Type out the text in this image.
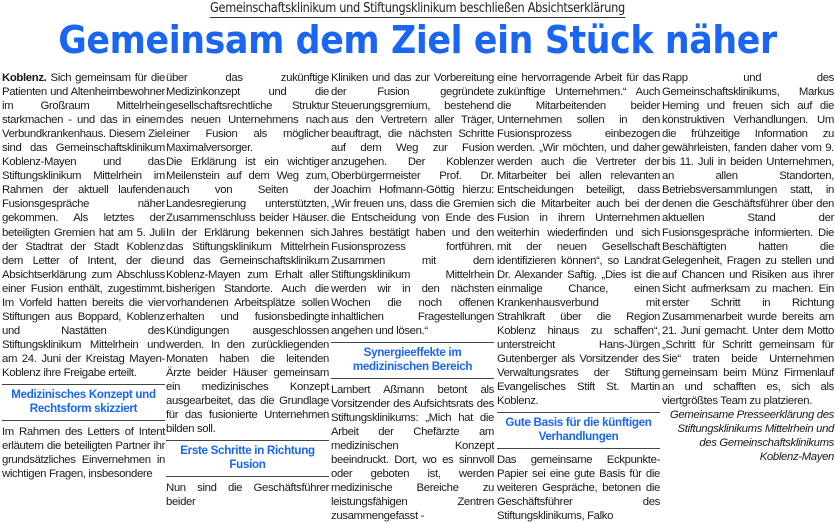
Gemeinschaftsklinikum und Stiftungsklinikum beschließen Absichtserklärung
Gemeinsam dem Ziel ein Stück näher

Koblenz. Sich gemeinsam für die Patienten und Altenheimbewohner im Großraum Mittelrhein starkmachen - und das in einem Verbundkrankenhaus. Diesem Ziel sind das Gemeinschaftsklinikum Koblenz-Mayen und das Stiftungsklinikum Mittelrhein im Rahmen der aktuell laufenden Fusionsgespräche näher gekommen. Als letztes der beteiligten Gremien hat am 5. Juli der Stadtrat der Stadt Koblenz dem Letter of Intent, der die Absichtserklärung zum Abschluss einer Fusion enthält, zugestimmt. Im Vorfeld hatten bereits die vier Stiftungen aus Boppard, Koblenz und Nastätten des Stiftungsklinikum Mittelrhein und am 24. Juni der Kreistag Mayen-Koblenz ihre Freigabe erteilt.

Medizinisches Konzept und Rechtsform skizziert

Im Rahmen des Letters of Intent erläutern die beteiligten Partner ihr grundsätzliches Einvernehmen in wichtigen Fragen, insbesondere

über das zukünftige Medizinkonzept und die gesellschaftsrechtliche Struktur des neuen Unternehmens nach einer Fusion als möglicher Maximalversorger.

Die Erklärung ist ein wichtiger Meilenstein auf dem Weg zum, auch von Seiten der Landesregierung unterstützten, Zusammenschluss beider Häuser. In der Erklärung bekennen sich das Stiftungsklinikum Mittelrhein und das Gemeinschaftsklinikum Koblenz-Mayen zum Erhalt aller bisherigen Standorte. Auch die vorhandenen Arbeitsplätze sollen erhalten und fusionsbedingte Kündigungen ausgeschlossen werden. In den zurückliegenden Monaten haben die leitenden Ärzte beider Häuser gemeinsam ein medizinisches Konzept ausgearbeitet, das die Grundlage für das fusionierte Unternehmen bilden soll.

Erste Schritte in Richtung Fusion

Nun sind die Geschäftsführer beider

Kliniken und das zur Vorbereitung der Fusion gegründete Steuerungsgremium, bestehend aus den Vertretern aller Träger, beauftragt, die nächsten Schritte auf dem Weg zur Fusion anzugehen. Der Koblenzer Oberbürgermeister Prof. Dr. Joachim Hofmann-Göttig hierzu: „Wir freuen uns, dass die Gremien die Entscheidung von Ende des Jahres bestätigt haben und den Fusionsprozess fortführen. Zusammen mit dem Stiftungsklinikum Mittelrhein werden wir in den nächsten Wochen die noch offenen inhaltlichen Fragestellungen angehen und lösen.“

Synergieeffekte im medizinischen Bereich

Lambert Aßmann betont als Vorsitzender des Aufsichtsrats des Stiftungsklinikums: „Mich hat die Arbeit der Chefärzte am medizinischen Konzept beeindruckt. Dort, wo es sinnvoll oder geboten ist, werden medizinische Bereiche zu leistungsfähigen Zentren zusammengefasst -

eine hervorragende Arbeit für das zukünftige Unternehmen.“ Auch die Mitarbeitenden beider Unternehmen sollen in den Fusionsprozess einbezogen werden. „Wir möchten, und daher werden auch die Vertreter der Mitarbeiter bei allen relevanten Entscheidungen beteiligt, dass sich die Mitarbeiter auch bei der Fusion in ihrem Unternehmen weiterhin wiederfinden und sich mit der neuen Gesellschaft identifizieren können“, so Landrat Dr. Alexander Saftig. „Dies ist die einmalige Chance, einen Krankenhausverbund mit Strahlkraft über die Region Koblenz hinaus zu schaffen“, unterstreicht Hans-Jürgen Gutenberger als Vorsitzender des Verwaltungsrates der Stiftung Evangelisches Stift St. Martin Koblenz.

Gute Basis für die künftigen Verhandlungen

Das gemeinsame Eckpunkte-Papier sei eine gute Basis für die weiteren Gespräche, betonen die Geschäftsführer des Stiftungsklinikums, Falko

Rapp und des Gemeinschaftsklinikums, Markus Heming und freuen sich auf die konstruktiven Verhandlungen. Um die frühzeitige Information zu gewährleisten, fanden daher vom 9. bis 11. Juli in beiden Unternehmen, an allen Standorten, Betriebsversammlungen statt, in denen die Geschäftsführer über den aktuellen Stand der Fusionsgespräche informierten. Die Beschäftigten hatten die Gelegenheit, Fragen zu stellen und auf Chancen und Risiken aus ihrer Sicht aufmerksam zu machen. Ein erster Schritt in Richtung Zusammenarbeit wurde bereits am 21. Juni gemacht. Unter dem Motto „Schritt für Schritt gemeinsam für Sie“ traten beide Unternehmen gemeinsam beim Münz Firmenlauf an und schafften es, sich als viertgrößtes Team zu platzieren.

Gemeinsame Presseerklärung des Stiftungsklinikums Mittelrhein und des Gemeinschaftsklinikums Koblenz-Mayen
